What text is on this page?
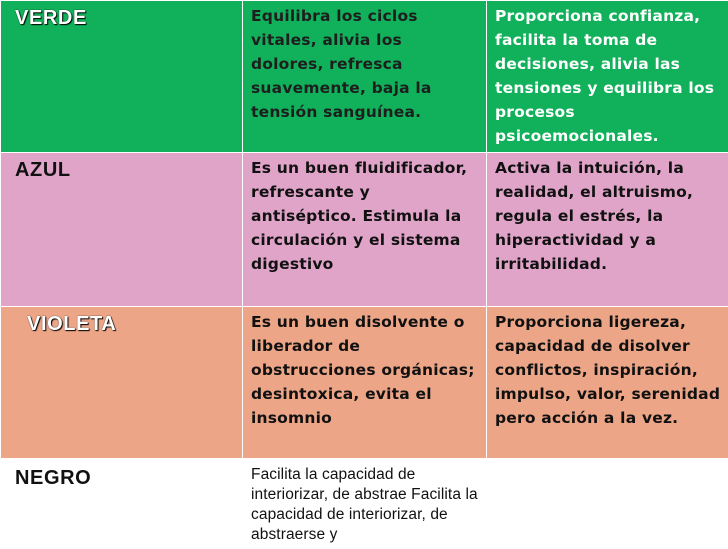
VERDE	Equilibra los ciclos vitales, alivia los dolores, refresca suavemente, baja la tensión sanguínea.	Proporciona confianza, facilita la toma de decisiones, alivia las tensiones y equilibra los procesos psicoemocionales.
AZUL	Es un buen fluidificador, refrescante y antiséptico. Estimula la circulación y el sistema digestivo	Activa la intuición, la realidad, el altruismo, regula el estrés, la hiperactividad y a irritabilidad.
VIOLETA	Es un buen disolvente o liberador de obstrucciones orgánicas; desintoxica, evita el insomnio	Proporciona ligereza, capacidad de disolver conflictos, inspiración, impulso, valor, serenidad pero acción a la vez.
NEGRO	Facilita la capacidad de interiorizar, de abstrae Facilita la capacidad de interiorizar, de abstraerse y	
